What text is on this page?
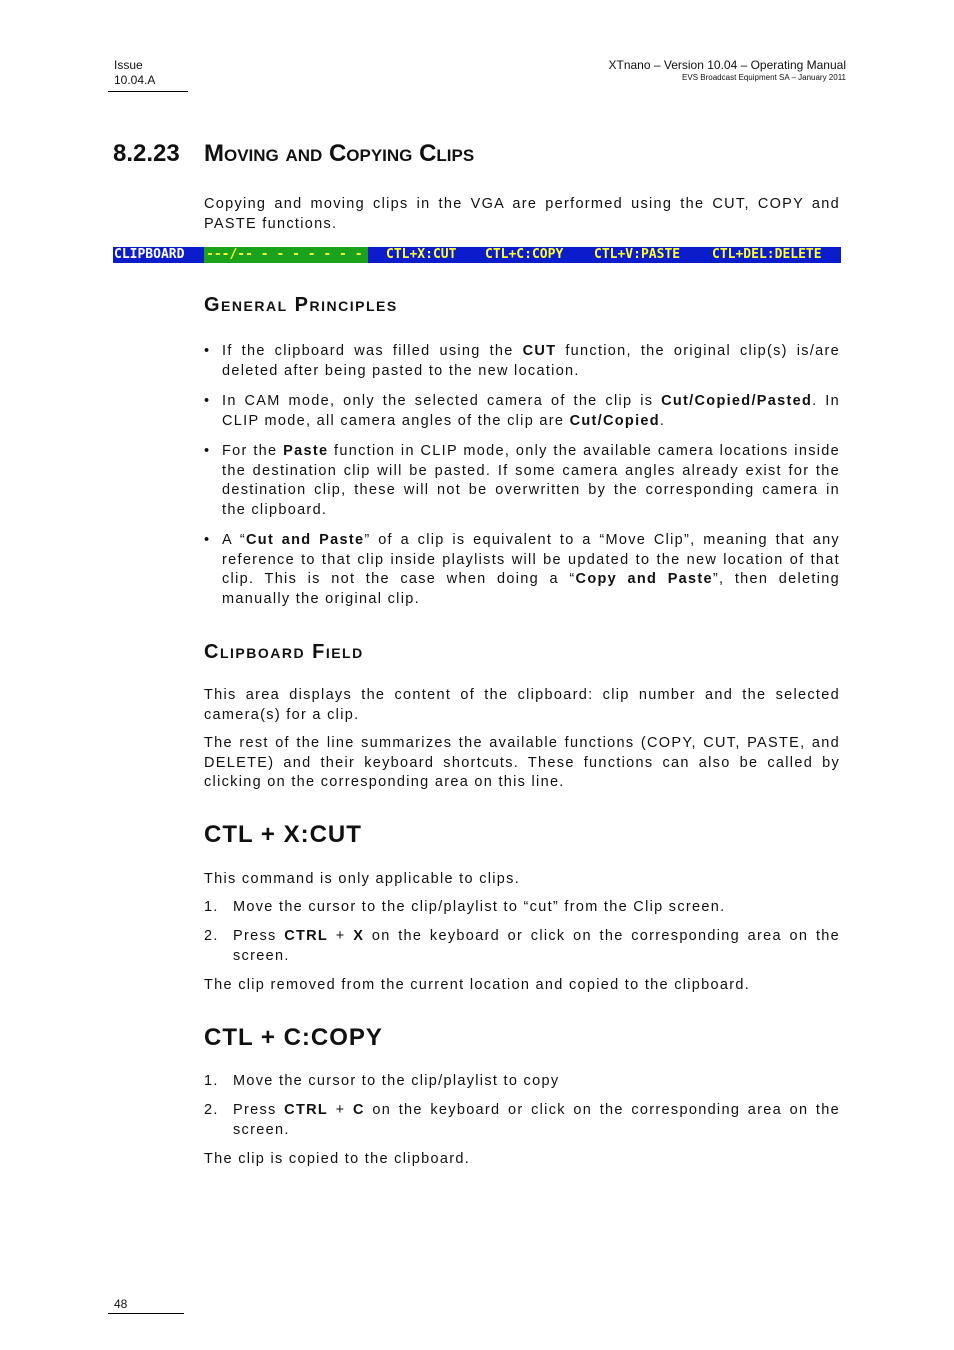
Issue
10.04.A
XTnano – Version 10.04 – Operating Manual
EVS Broadcast Equipment SA – January 2011
8.2.23 Moving and Copying Clips
Copying and moving clips in the VGA are performed using the CUT, COPY and PASTE functions.
CLIPBOARD ---/-- - - - - - - -	CTL+X:CUT CTL+C:COPY CTL+V:PASTE CTL+DEL:DELETE
General Principles
• If the clipboard was filled using the CUT function, the original clip(s) is/are deleted after being pasted to the new location.
• In CAM mode, only the selected camera of the clip is Cut/Copied/Pasted. In CLIP mode, all camera angles of the clip are Cut/Copied.
• For the Paste function in CLIP mode, only the available camera locations inside the destination clip will be pasted. If some camera angles already exist for the destination clip, these will not be overwritten by the corresponding camera in the clipboard.
• A “Cut and Paste” of a clip is equivalent to a “Move Clip”, meaning that any reference to that clip inside playlists will be updated to the new location of that clip. This is not the case when doing a “Copy and Paste”, then deleting manually the original clip.
Clipboard Field
This area displays the content of the clipboard: clip number and the selected camera(s) for a clip.
The rest of the line summarizes the available functions (COPY, CUT, PASTE, and DELETE) and their keyboard shortcuts. These functions can also be called by clicking on the corresponding area on this line.
CTL + X:CUT
This command is only applicable to clips.
1. Move the cursor to the clip/playlist to “cut” from the Clip screen.
2. Press CTRL + X on the keyboard or click on the corresponding area on the screen.
The clip removed from the current location and copied to the clipboard.
CTL + C:COPY
1. Move the cursor to the clip/playlist to copy
2. Press CTRL + C on the keyboard or click on the corresponding area on the screen.
The clip is copied to the clipboard.
48
